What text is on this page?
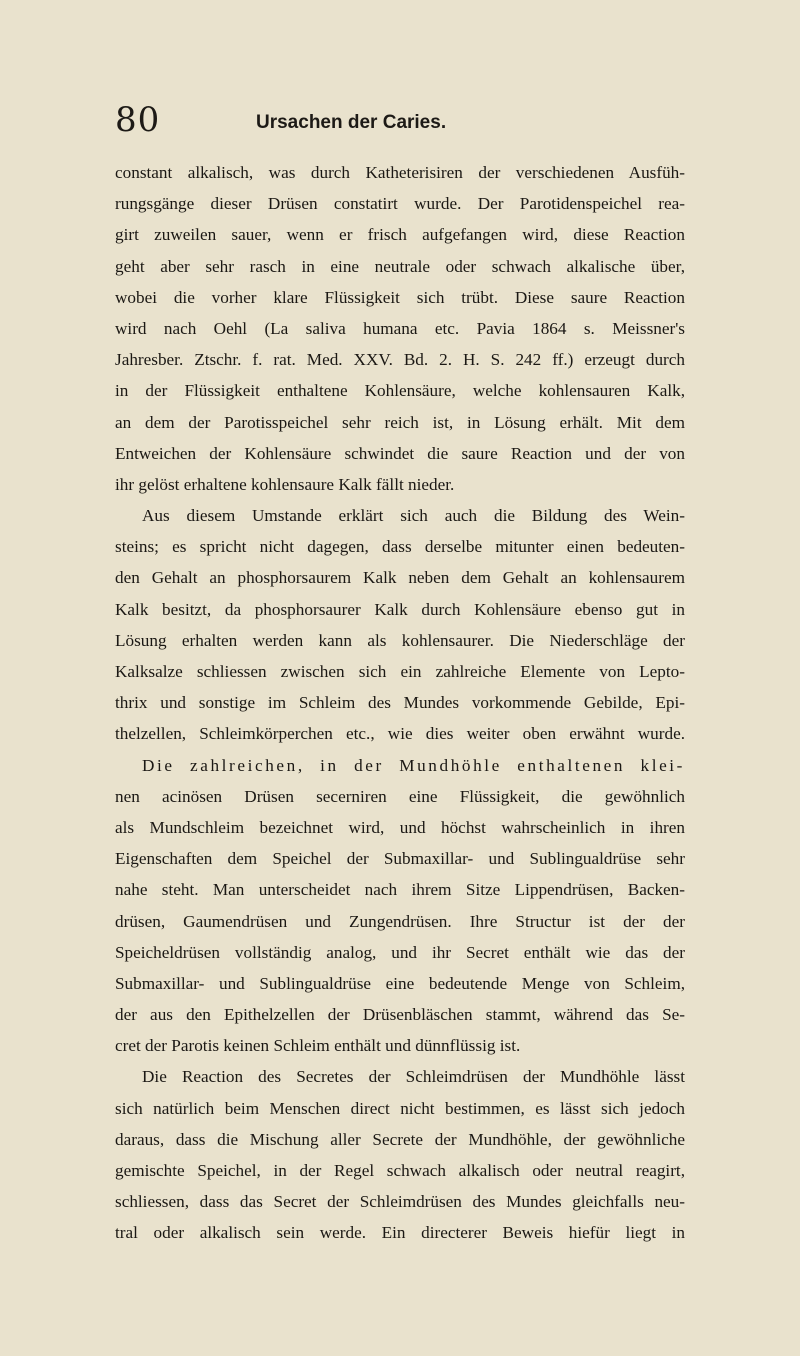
80	Ursachen der Caries.
constant alkalisch, was durch Katheterisiren der verschiedenen Ausfüh-
rungsgänge dieser Drüsen constatirt wurde. Der Parotidenspeichel rea-
girt zuweilen sauer, wenn er frisch aufgefangen wird, diese Reaction
geht aber sehr rasch in eine neutrale oder schwach alkalische über,
wobei die vorher klare Flüssigkeit sich trübt. Diese saure Reaction
wird nach Oehl (La saliva humana etc. Pavia 1864 s. Meissner's
Jahresber. Ztschr. f. rat. Med. XXV. Bd. 2. H. S. 242 ff.) erzeugt durch
in der Flüssigkeit enthaltene Kohlensäure, welche kohlensauren Kalk,
an dem der Parotisspeichel sehr reich ist, in Lösung erhält. Mit dem
Entweichen der Kohlensäure schwindet die saure Reaction und der von
ihr gelöst erhaltene kohlensaure Kalk fällt nieder.
Aus diesem Umstande erklärt sich auch die Bildung des Wein-
steins; es spricht nicht dagegen, dass derselbe mitunter einen bedeuten-
den Gehalt an phosphorsaurem Kalk neben dem Gehalt an kohlensaurem
Kalk besitzt, da phosphorsaurer Kalk durch Kohlensäure ebenso gut in
Lösung erhalten werden kann als kohlensaurer. Die Niederschläge der
Kalksalze schliessen zwischen sich ein zahlreiche Elemente von Lepto-
thrix und sonstige im Schleim des Mundes vorkommende Gebilde, Epi-
thelzellen, Schleimkörperchen etc., wie dies weiter oben erwähnt wurde.
Die zahlreichen, in der Mundhöhle enthaltenen klei-
nen acinösen Drüsen secerniren eine Flüssigkeit, die gewöhnlich
als Mundschleim bezeichnet wird, und höchst wahrscheinlich in ihren
Eigenschaften dem Speichel der Submaxillar- und Sublingualdrüse sehr
nahe steht. Man unterscheidet nach ihrem Sitze Lippendrüsen, Backen-
drüsen, Gaumendrüsen und Zungendrüsen. Ihre Structur ist der der
Speicheldrüsen vollständig analog, und ihr Secret enthält wie das der
Submaxillar- und Sublingualdrüse eine bedeutende Menge von Schleim,
der aus den Epithelzellen der Drüsenbläschen stammt, während das Se-
cret der Parotis keinen Schleim enthält und dünnflüssig ist.
Die Reaction des Secretes der Schleimdrüsen der Mundhöhle lässt
sich natürlich beim Menschen direct nicht bestimmen, es lässt sich jedoch
daraus, dass die Mischung aller Secrete der Mundhöhle, der gewöhnliche
gemischte Speichel, in der Regel schwach alkalisch oder neutral reagirt,
schliessen, dass das Secret der Schleimdrüsen des Mundes gleichfalls neu-
tral oder alkalisch sein werde. Ein directerer Beweis hiefür liegt in
